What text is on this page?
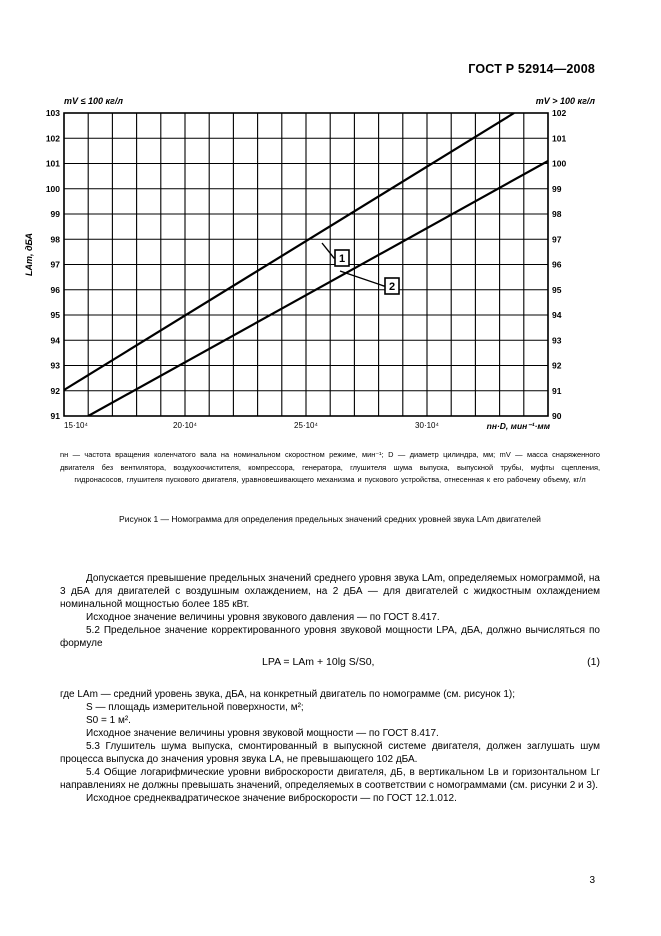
ГОСТ Р 52914—2008
mV ≤ 100 кг/л	mV > 100 кг/л
91
92
93
94
95
96
97
98
99
100
101
102
103
90
91
92
93
94
95
96
97
98
99
100
101
102
15·10⁴	20·10⁴	25·10⁴	30·10⁴	nн·D, мин⁻¹·мм
LAm, дБА	1
2
nн — частота вращения коленчатого вала на номинальном скоростном режиме, мин⁻¹; D — диаметр цилиндра, мм; mV — масса снаряженного двигателя без вентилятора, воздухоочистителя, компрессора, генератора, глушителя шума выпуска, выпускной трубы, муфты сцепления, гидронасосов, глушителя пускового двигателя, уравновешивающего механизма и пускового устройства, отнесенная к его рабочему объему, кг/л
Рисунок 1 — Номограмма для определения предельных значений средних уровней звука LAm двигателей

Допускается превышение предельных значений среднего уровня звука LAm, определяемых номограммой, на 3 дБА для двигателей с воздушным охлаждением, на 2 дБА — для двигателей с жидкостным охлаждением номинальной мощностью более 185 кВт.

Исходное значение величины уровня звукового давления — по ГОСТ 8.417.

5.2 Предельное значение корректированного уровня звуковой мощности LPA, дБА, должно вычисляться по формуле

LPA = LAm + 10lg S/S0,	(1)

где LAm — средний уровень звука, дБА, на конкретный двигатель по номограмме (см. рисунок 1);

S — площадь измерительной поверхности, м²;

S0 = 1 м².

Исходное значение величины уровня звуковой мощности — по ГОСТ 8.417.

5.3 Глушитель шума выпуска, смонтированный в выпускной системе двигателя, должен заглушать шум процесса выпуска до значения уровня звука LA, не превышающего 102 дБА.

5.4 Общие логарифмические уровни виброскорости двигателя, дБ, в вертикальном Lв и горизонтальном Lг направлениях не должны превышать значений, определяемых в соответствии с номограммами (см. рисунки 2 и 3).

Исходное среднеквадратическое значение виброскорости — по ГОСТ 12.1.012.

3
